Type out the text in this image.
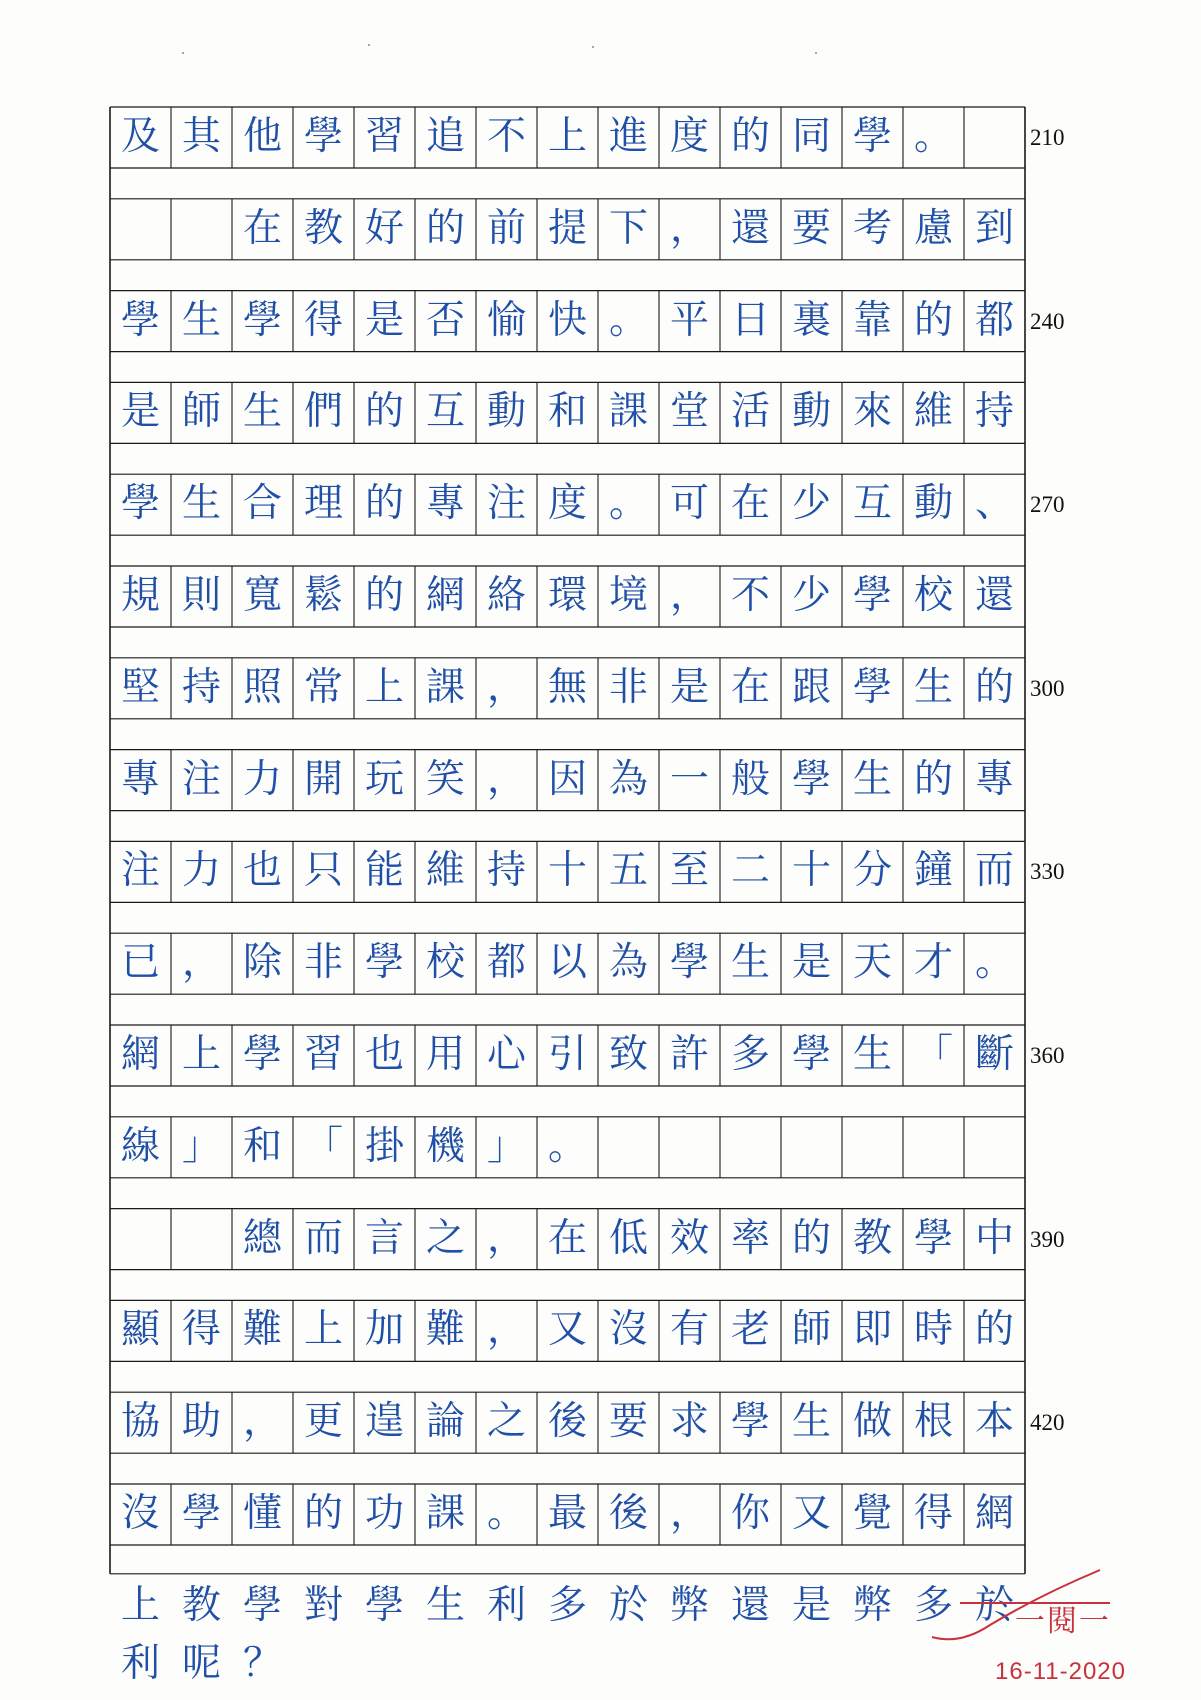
及 其 他 學 習 追 不 上 進 度 的 同 學 。
在 教 好 的 前 提 下 ， 還 要 考 慮 到
學 生 學 得 是 否 愉 快 。 平 日 裏 靠 的 都
是 師 生 們 的 互 動 和 課 堂 活 動 來 維 持
學 生 合 理 的 專 注 度 。 可 在 少 互 動 、
規 則 寬 鬆 的 網 絡 環 境 ， 不 少 學 校 還
堅 持 照 常 上 課 ， 無 非 是 在 跟 學 生 的
專 注 力 開 玩 笑 ， 因 為 一 般 學 生 的 專
注 力 也 只 能 維 持 十 五 至 二 十 分 鐘 而
已 ， 除 非 學 校 都 以 為 學 生 是 天 才 。
網 上 學 習 也 用 心 引 致 許 多 學 生 「 斷
線 」 和 「 掛 機 」 。
總 而 言 之 ， 在 低 效 率 的 教 學 中
顯 得 難 上 加 難 ， 又 沒 有 老 師 即 時 的
協 助 ， 更 遑 論 之 後 要 求 學 生 做 根 本
沒 學 懂 的 功 課 。 最 後 ， 你 又 覺 得 網
210
240
270
300
330
360
390
420
上 教 學 對 學 生 利 多 於 弊 還 是 弊 多 於
利 呢 ？
一閱一
16-11-2020
